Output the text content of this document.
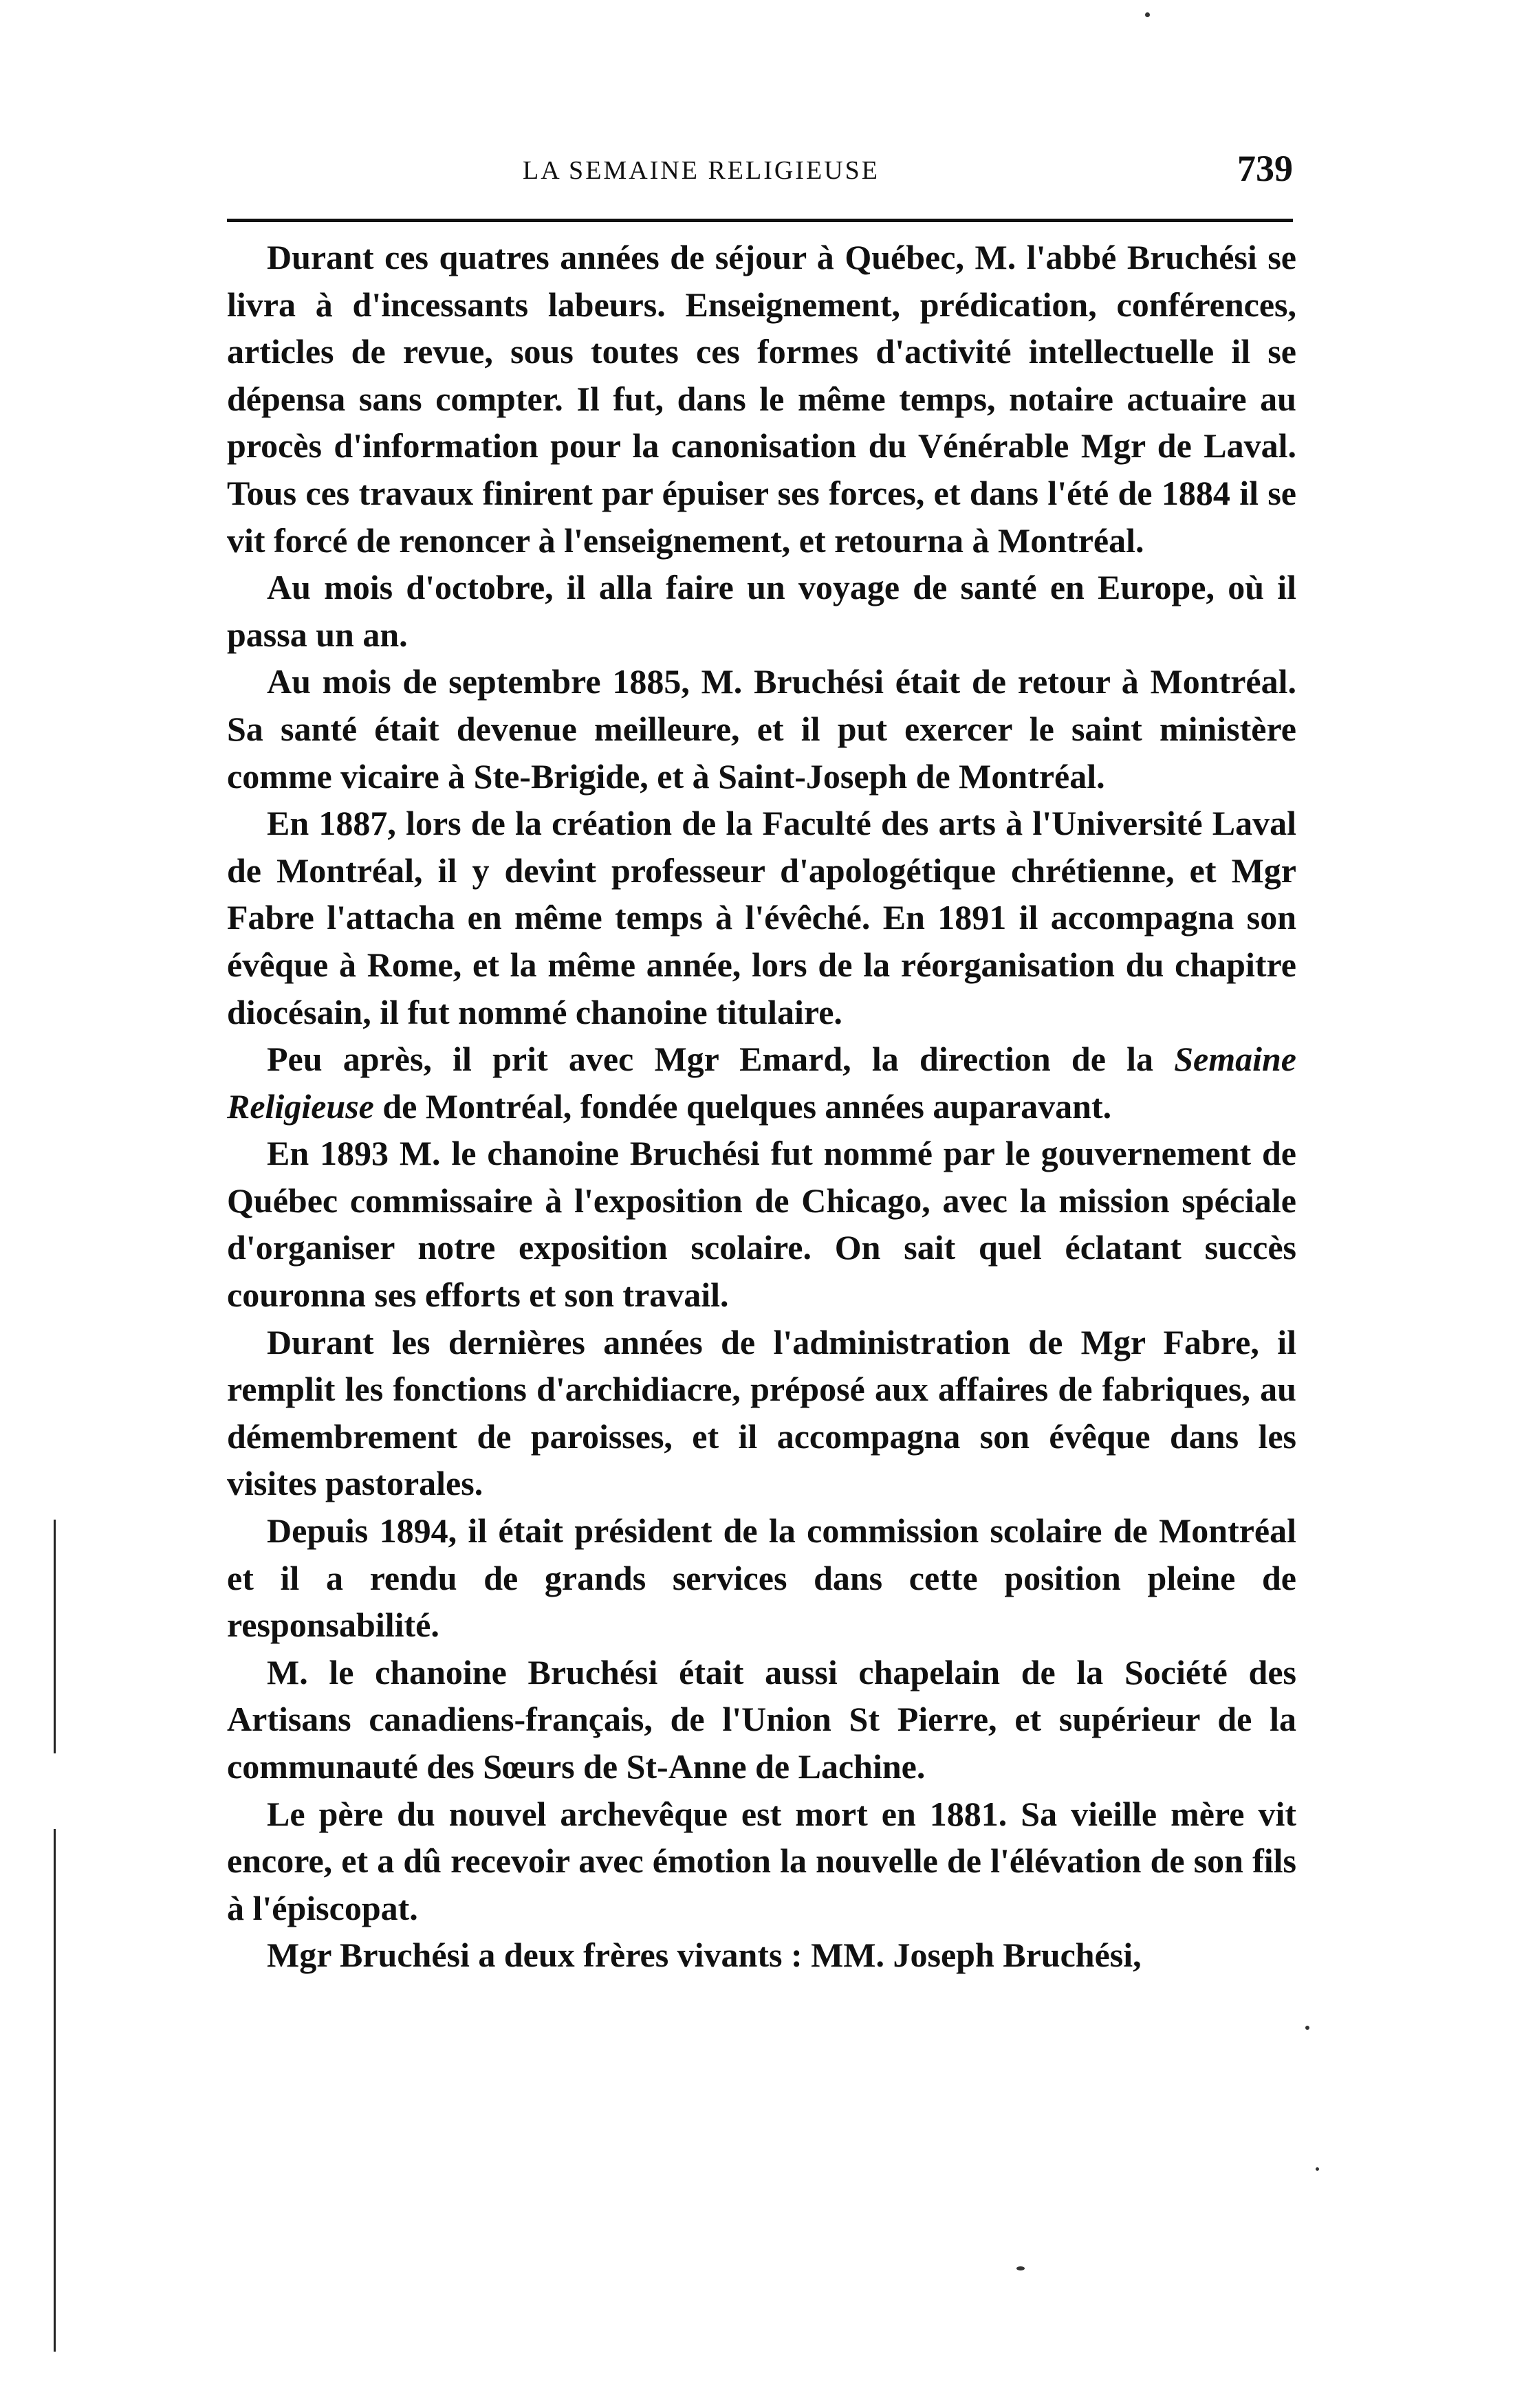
LA SEMAINE RELIGIEUSE	739

Durant ces quatres années de séjour à Québec, M. l'abbé Bruchési se livra à d'incessants labeurs. Enseignement, prédication, conférences, articles de revue, sous toutes ces formes d'activité intellectuelle il se dépensa sans compter. Il fut, dans le même temps, notaire actuaire au procès d'information pour la canonisation du Vénérable Mgr de Laval. Tous ces travaux finirent par épuiser ses forces, et dans l'été de 1884 il se vit forcé de renoncer à l'enseignement, et retourna à Montréal.

Au mois d'octobre, il alla faire un voyage de santé en Europe, où il passa un an.

Au mois de septembre 1885, M. Bruchési était de retour à Montréal. Sa santé était devenue meilleure, et il put exercer le saint ministère comme vicaire à Ste-Brigide, et à Saint-Joseph de Montréal.

En 1887, lors de la création de la Faculté des arts à l'Université Laval de Montréal, il y devint professeur d'apologétique chrétienne, et Mgr Fabre l'attacha en même temps à l'évêché. En 1891 il accompagna son évêque à Rome, et la même année, lors de la réorganisation du chapitre diocésain, il fut nommé chanoine titulaire.

Peu après, il prit avec Mgr Emard, la direction de la Semaine Religieuse de Montréal, fondée quelques années auparavant.

En 1893 M. le chanoine Bruchési fut nommé par le gouvernement de Québec commissaire à l'exposition de Chicago, avec la mission spéciale d'organiser notre exposition scolaire. On sait quel éclatant succès couronna ses efforts et son travail.

Durant les dernières années de l'administration de Mgr Fabre, il remplit les fonctions d'archidiacre, préposé aux affaires de fabriques, au démembrement de paroisses, et il accompagna son évêque dans les visites pastorales.

Depuis 1894, il était président de la commission scolaire de Montréal et il a rendu de grands services dans cette position pleine de responsabilité.

M. le chanoine Bruchési était aussi chapelain de la Société des Artisans canadiens-français, de l'Union St Pierre, et supérieur de la communauté des Sœurs de St-Anne de Lachine.

Le père du nouvel archevêque est mort en 1881. Sa vieille mère vit encore, et a dû recevoir avec émotion la nouvelle de l'élévation de son fils à l'épiscopat.

Mgr Bruchési a deux frères vivants : MM. Joseph Bruchési,
